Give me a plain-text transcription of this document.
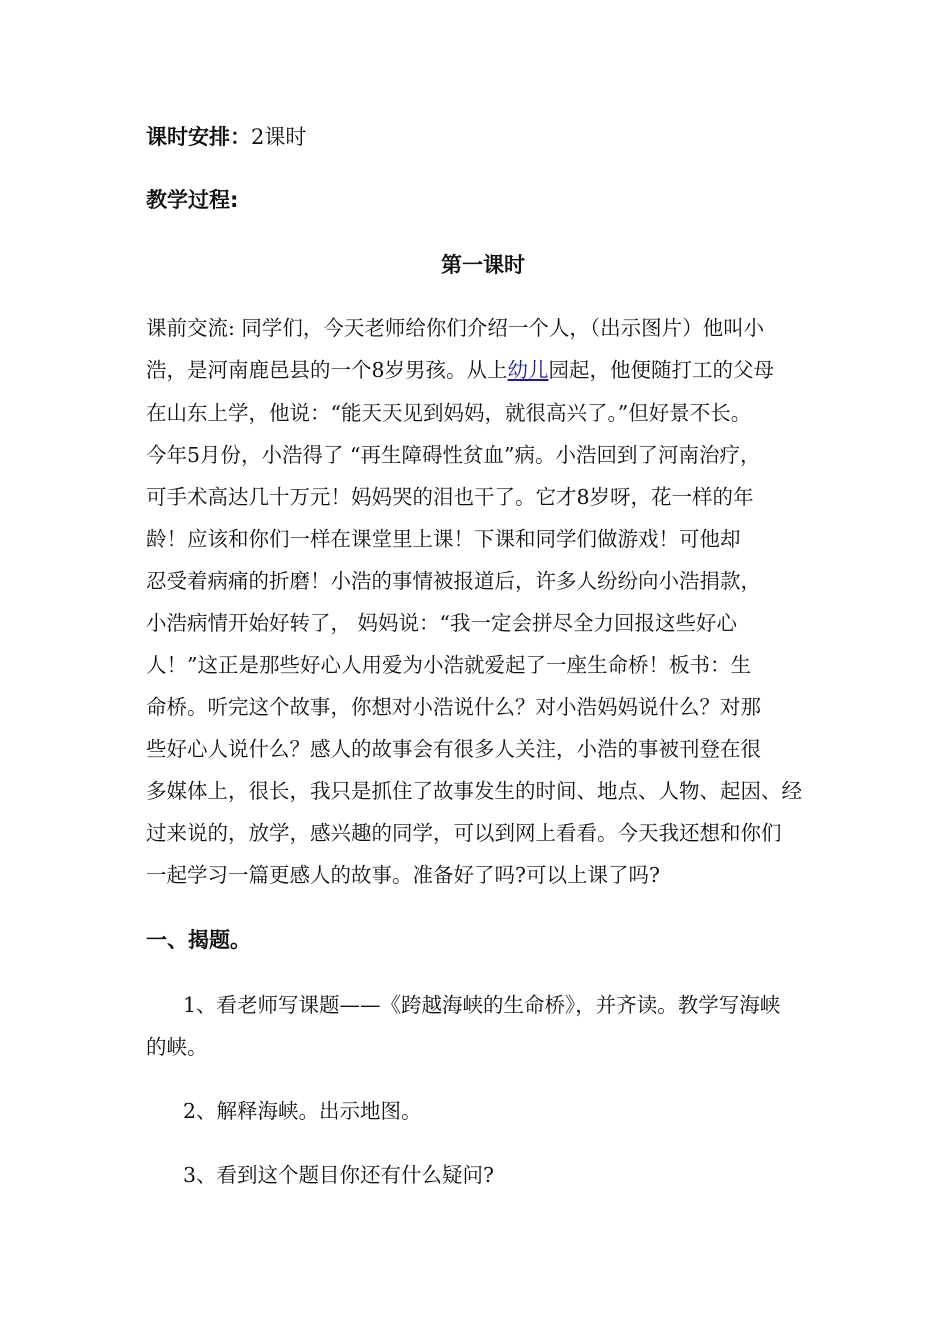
课时安排：2课时
教学过程:
第一课时
课前交流: 同学们，今天老师给你们介绍一个人，（出示图片）他叫小
浩，是河南鹿邑县的一个8岁男孩。从上幼儿园起，他便随打工的父母
在山东上学，他说：“能天天见到妈妈，就很高兴了。”但好景不长。
今年5月份，小浩得了 “再生障碍性贫血”病。小浩回到了河南治疗，
可手术高达几十万元！妈妈哭的泪也干了。它才8岁呀，花一样的年
龄！应该和你们一样在课堂里上课！下课和同学们做游戏！可他却
忍受着病痛的折磨！小浩的事情被报道后，许多人纷纷向小浩捐款，
小浩病情开始好转了， 妈妈说：“我一定会拼尽全力回报这些好心
人！”这正是那些好心人用爱为小浩就爱起了一座生命桥！板书：生
命桥。听完这个故事，你想对小浩说什么？对小浩妈妈说什么？对那
些好心人说什么？感人的故事会有很多人关注，小浩的事被刊登在很
多媒体上，很长，我只是抓住了故事发生的时间、地点、人物、起因、经
过来说的，放学，感兴趣的同学，可以到网上看看。今天我还想和你们
一起学习一篇更感人的故事。准备好了吗?可以上课了吗?
一、揭题。
1、看老师写课题——《跨越海峡的生命桥》，并齐读。教学写海峡
的峡。
2、解释海峡。出示地图。
3、看到这个题目你还有什么疑问?
